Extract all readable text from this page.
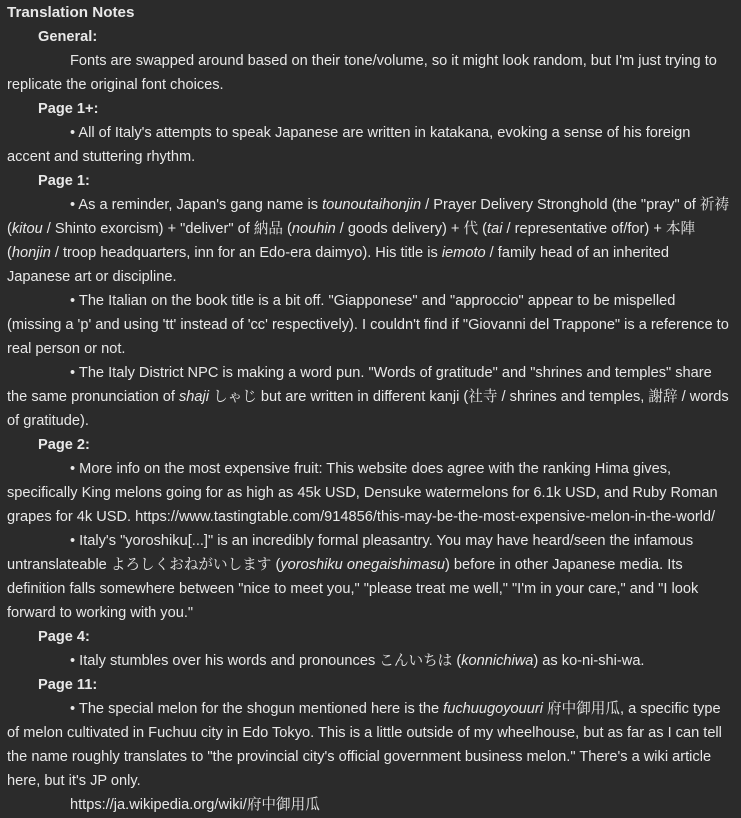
Translation Notes
General:

Fonts are swapped around based on their tone/volume, so it might look random, but I'm just trying to replicate the original font choices.

Page 1+:

• All of Italy's attempts to speak Japanese are written in katakana, evoking a sense of his foreign accent and stuttering rhythm.

Page 1:

• As a reminder, Japan's gang name is tounoutaihonjin / Prayer Delivery Stronghold (the "pray" of 祈祷 (kitou / Shinto exorcism) + "deliver" of 納品 (nouhin / goods delivery) + 代 (tai / representative of/for) + 本陣 (honjin / troop headquarters, inn for an Edo-era daimyo). His title is iemoto / family head of an inherited Japanese art or discipline.

• The Italian on the book title is a bit off. "Giapponese" and "approccio" appear to be mispelled (missing a 'p' and using 'tt' instead of 'cc' respectively). I couldn't find if "Giovanni del Trappone" is a reference to real person or not.

• The Italy District NPC is making a word pun. "Words of gratitude" and "shrines and temples" share the same pronunciation of shaji しゃじ but are written in different kanji (社寺 / shrines and temples, 謝辞 / words of gratitude).

Page 2:

• More info on the most expensive fruit: This website does agree with the ranking Hima gives, specifically King melons going for as high as 45k USD, Densuke watermelons for 6.1k USD, and Ruby Roman grapes for 4k USD. https://www.tastingtable.com/914856/this-may-be-the-most-expensive-melon-in-the-world/

• Italy's "yoroshiku[...]" is an incredibly formal pleasantry. You may have heard/seen the infamous untranslateable よろしくおねがいします (yoroshiku onegaishimasu) before in other Japanese media. Its definition falls somewhere between "nice to meet you," "please treat me well," "I'm in your care," and "I look forward to working with you."

Page 4:

• Italy stumbles over his words and pronounces こんいちは (konnichiwa) as ko-ni-shi-wa.

Page 11:

• The special melon for the shogun mentioned here is the fuchuugoyouuri 府中御用瓜, a specific type of melon cultivated in Fuchuu city in Edo Tokyo. This is a little outside of my wheelhouse, but as far as I can tell the name roughly translates to "the provincial city's official government business melon." There's a wiki article here, but it's JP only.

https://ja.wikipedia.org/wiki/府中御用瓜
